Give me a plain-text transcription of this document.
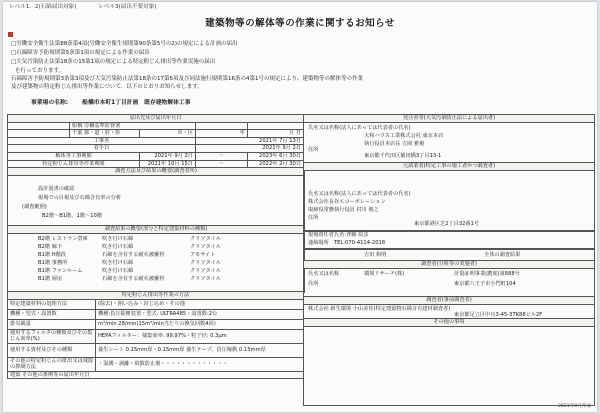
レベル1、2(石綿届出対象)	レベル3(届出不要対象)
建築物等の解体等の作業に関するお知らせ
□労働安全衛生法第88条第4項(労働安全衛生規則第90条第5号の2)の規定による計画の届出
□石綿障害予防規則第5条第1項の規定による作業の届出
□大気汚染防止法第18条の15第1項の規定による特定粉じん排出等作業実施の届出
を行っております。
石綿障害予防規則第3条第3項及び大気汚染防止法第18条の17第5項及び同法施行規則第16条の4第1号の規定により、建築物等の解体等の作業
及び建築物の特定粉じん排出等作業について、以下のとおりお知らせします。
事業場の名称: 船橋市本町1丁目計画　既存建物解体工事
届出先及び届出年月日				
	船橋 労働基準監督署			
	千葉 都・道・府・県	市・区	年	月 日
工事名			2021年 7月 13日	
着手日			2021年 9月 2日	
解体等工事期間		2021年 9月 2日	～	2023年 6月 30日
特定粉じん排出等作業期間		2021年 10月 15日	～	2022年 2月 30日
調査方法及び結果の概要(調査者所)
設計図書の確認
現場での目視及び石綿含有率の分析
(調査範囲)
B2階～B1階、1階～10階
調査結果の概要(部分と特定建築材料の種類)
B2階 レストラン倉庫	吹き付け石綿	クリソタイル
B2階 廊下	吹き付け石綿	クリソタイル
B1階 H階段	石綿を含有する耐火被覆材	アモサイト
B1階 事務所	吹き付け石綿	クリソタイル
B1階 ファンルーム	吹き付け石綿	クリソタイル
B1階 厨房	石綿を含有する耐火被覆材	クリソタイル
特定粉じん排出等作業の方法	
特定建築材料の処理方法	(除去)・囲い込み・封じ込め・その他
機種・型式・設置数	機種:負圧除塵装置・型式: ULTRA485・設置数:2台
排気風量	m³/min 28/min(15m³/min当たりの換気回数4回)
使用するフィルタの種類及びその集じん効率(%)	HEPAフィルター：捕集効率: 99.97%・粒子径: 0.3μm
使用する資材及びその種類	養生シート 0.15mm厚・0.15mm厚 養生テープ、負圧稼動 0.15mm厚
その他の特定粉じんの排出又は飛散の抑制方法	・湿潤・剥離・飛散防止剤・・・・・・・・・・・・・
建築 その他の条例等の届出年月日	
発注者等(大気汚染防止法による届出者)
氏名又は名称(法人にあっては代表者の氏名)
大和ハウス工業株式会社 東京本店
執行役員本店長 吉岡 雅俊
住所
東京都千代田区飯田橋3丁目13-1
元請業者(特定工事の施工者かつ調査者)
氏名又は名称(法人にあっては代表者の氏名)
株式会社長谷エコーポレーション
取締役常務執行役員 村川 俊之
住所
東京都港区芝2丁目32番1号
現場責任者氏名:斉藤 辰彦
連絡場所　 TEL:070-4114-2018
吉田 和明	全体の調査結果
調査者(分析等の実施者)
氏名又は名称	環境リサーチ(株)	計量証明事業(濃度)第688号
住所	東京都八王子市小門町104
調査者(事前調査者)
株式会社 新生環境 小山美佳(特定建築物石綿含有建材調査者)
東京都足立区中川3-45-3TK88ビル2F
その他の事項
2021年8月作成
